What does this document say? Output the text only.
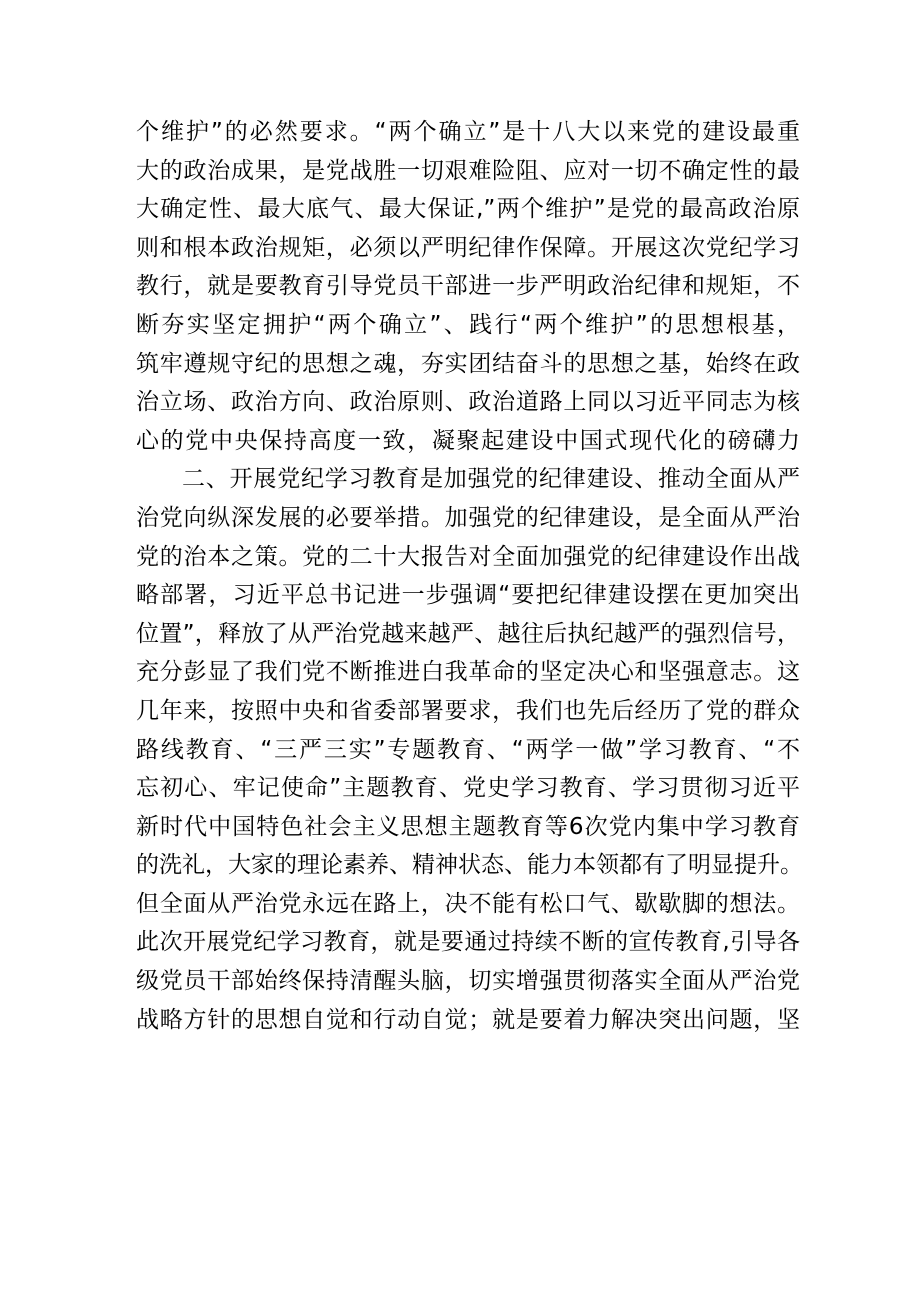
个维护”的必然要求。“两个确立”是十八大以来党的建设最重
大的政治成果，是党战胜一切艰难险阻、应对一切不确定性的最
大确定性、最大底气、最大保证,”两个维护”是党的最高政治原
则和根本政治规矩，必须以严明纪律作保障。开展这次党纪学习
教行，就是要教育引导党员干部进一步严明政治纪律和规矩，不
断夯实坚定拥护“两个确立”、践行“两个维护”的思想根基，
筑牢遵规守纪的思想之魂，夯实团结奋斗的思想之基，始终在政
治立场、政治方向、政治原则、政治道路上同以习近平同志为核
心的党中央保持高度一致，凝聚起建设中国式现代化的磅礴力
二、开展党纪学习教育是加强党的纪律建设、推动全面从严
治党向纵深发展的必要举措。加强党的纪律建设，是全面从严治
党的治本之策。党的二十大报告对全面加强党的纪律建设作出战
略部署，习近平总书记进一步强调“要把纪律建设摆在更加突出
位置”，释放了从严治党越来越严、越往后执纪越严的强烈信号，
充分彭显了我们党不断推进白我革命的坚定决心和坚强意志。这
几年来，按照中央和省委部署要求，我们也先后经历了党的群众
路线教育、“三严三实”专题教育、“两学一做”学习教育、“不
忘初心、牢记使命”主题教育、党史学习教育、学习贯彻习近平
新时代中国特色社会主义思想主题教育等6次党内集中学习教育
的洗礼，大家的理论素养、精神状态、能力本领都有了明显提升。
但全面从严治党永远在路上，决不能有松口气、歇歇脚的想法。
此次开展党纪学习教育，就是要通过持续不断的宣传教育,引导各
级党员干部始终保持清醒头脑，切实增强贯彻落实全面从严治党
战略方针的思想自觉和行动自觉；就是要着力解决突出问题，坚
